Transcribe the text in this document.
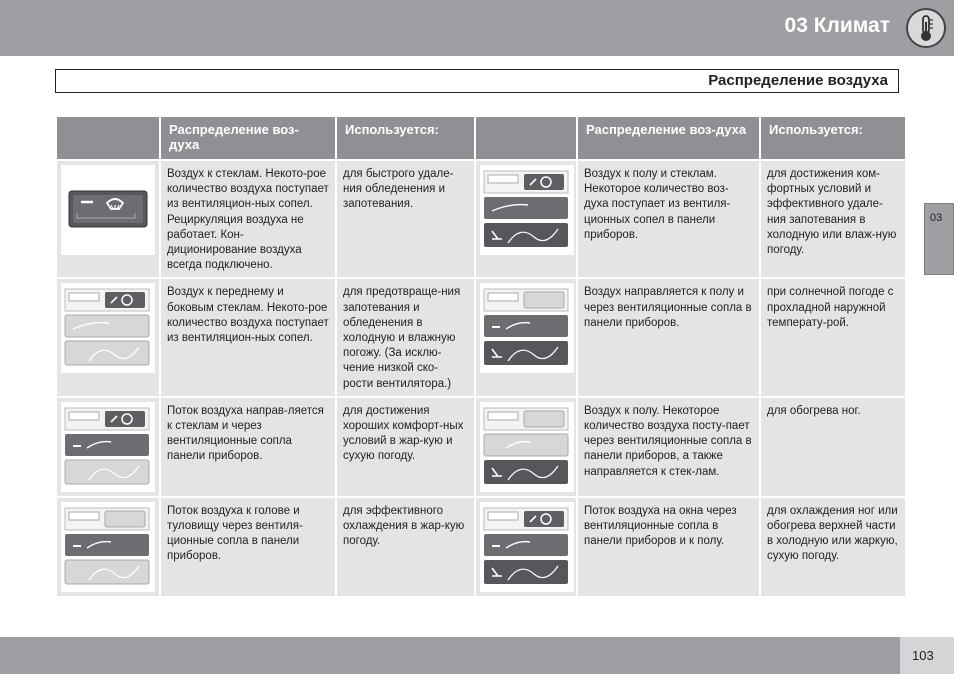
03 Климат
Распределение воздуха
03
	Распределение воз-духа	Используется:		Распределение воз-духа	Используется:

	Воздух к стеклам. Некото-рое количество воздуха поступает из вентиляцион-ных сопел. Рециркуляция воздуха не работает. Кон-диционирование воздуха всегда подключено.	для быстрого удале-ния обледенения и запотевания.		Воздух к полу и стеклам. Некоторое количество воз-духа поступает из вентиля-ционных сопел в панели приборов.	для достижения ком-фортных условий и эффективного удале-ния запотевания в холодную или влаж-ную погоду.

	Воздух к переднему и боковым стеклам. Некото-рое количество воздуха поступает из вентиляцион-ных сопел.	для предотвраще-ния запотевания и обледенения в холодную и влажную погожу. (За исклю-чение низкой ско-рости вентилятора.)		Воздух направляется к полу и через вентиляционные сопла в панели приборов.	при солнечной погоде с прохладной наружной температу-рой.

	Поток воздуха направ-ляется к стеклам и через вентиляционные сопла панели приборов.	для достижения хороших комфорт-ных условий в жар-кую и сухую погоду.		Воздух к полу. Некоторое количество воздуха посту-пает через вентиляционные сопла в панели приборов, а также направляется к стек-лам.	для обогрева ног.

	Поток воздуха к голове и туловищу через вентиля-ционные сопла в панели приборов.	для эффективного охлаждения в жар-кую погоду.		Поток воздуха на окна через вентиляционные сопла в панели приборов и к полу.	для охлаждения ног или обогрева верхней части в холодную или жаркую, сухую погоду.
103
